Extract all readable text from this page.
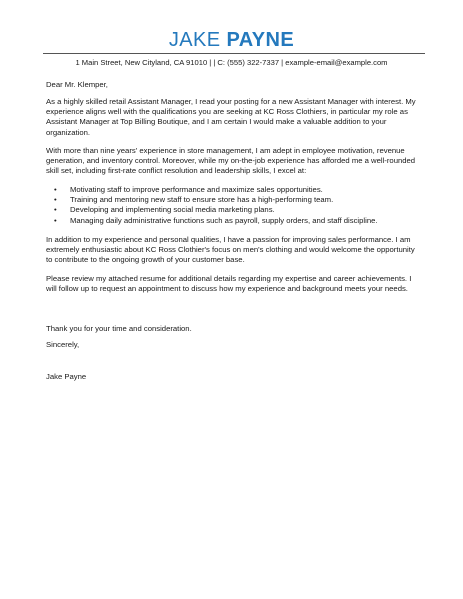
JAKE PAYNE
1 Main Street, New Cityland, CA 91010 | | C: (555) 322-7337 | example-email@example.com

Dear Mr. Klemper,

As a highly skilled retail Assistant Manager, I read your posting for a new Assistant Manager with interest. My experience aligns well with the qualifications you are seeking at KC Ross Clothiers, in particular my role as Assistant Manager at Top Billing Boutique, and I am certain I would make a valuable addition to your organization.

With more than nine years' experience in store management, I am adept in employee motivation, revenue generation, and inventory control. Moreover, while my on-the-job experience has afforded me a well-rounded skill set, including first-rate conflict resolution and leadership skills, I excel at:

• Motivating staff to improve performance and maximize sales opportunities.
• Training and mentoring new staff to ensure store has a high-performing team.
• Developing and implementing social media marketing plans.
• Managing daily administrative functions such as payroll, supply orders, and staff discipline.

In addition to my experience and personal qualities, I have a passion for improving sales performance. I am extremely enthusiastic about KC Ross Clothier's focus on men's clothing and would welcome the opportunity to contribute to the ongoing growth of your customer base.

Please review my attached resume for additional details regarding my expertise and career achievements. I will follow up to request an appointment to discuss how my experience and background meets your needs.

Thank you for your time and consideration.

Sincerely,

Jake Payne
